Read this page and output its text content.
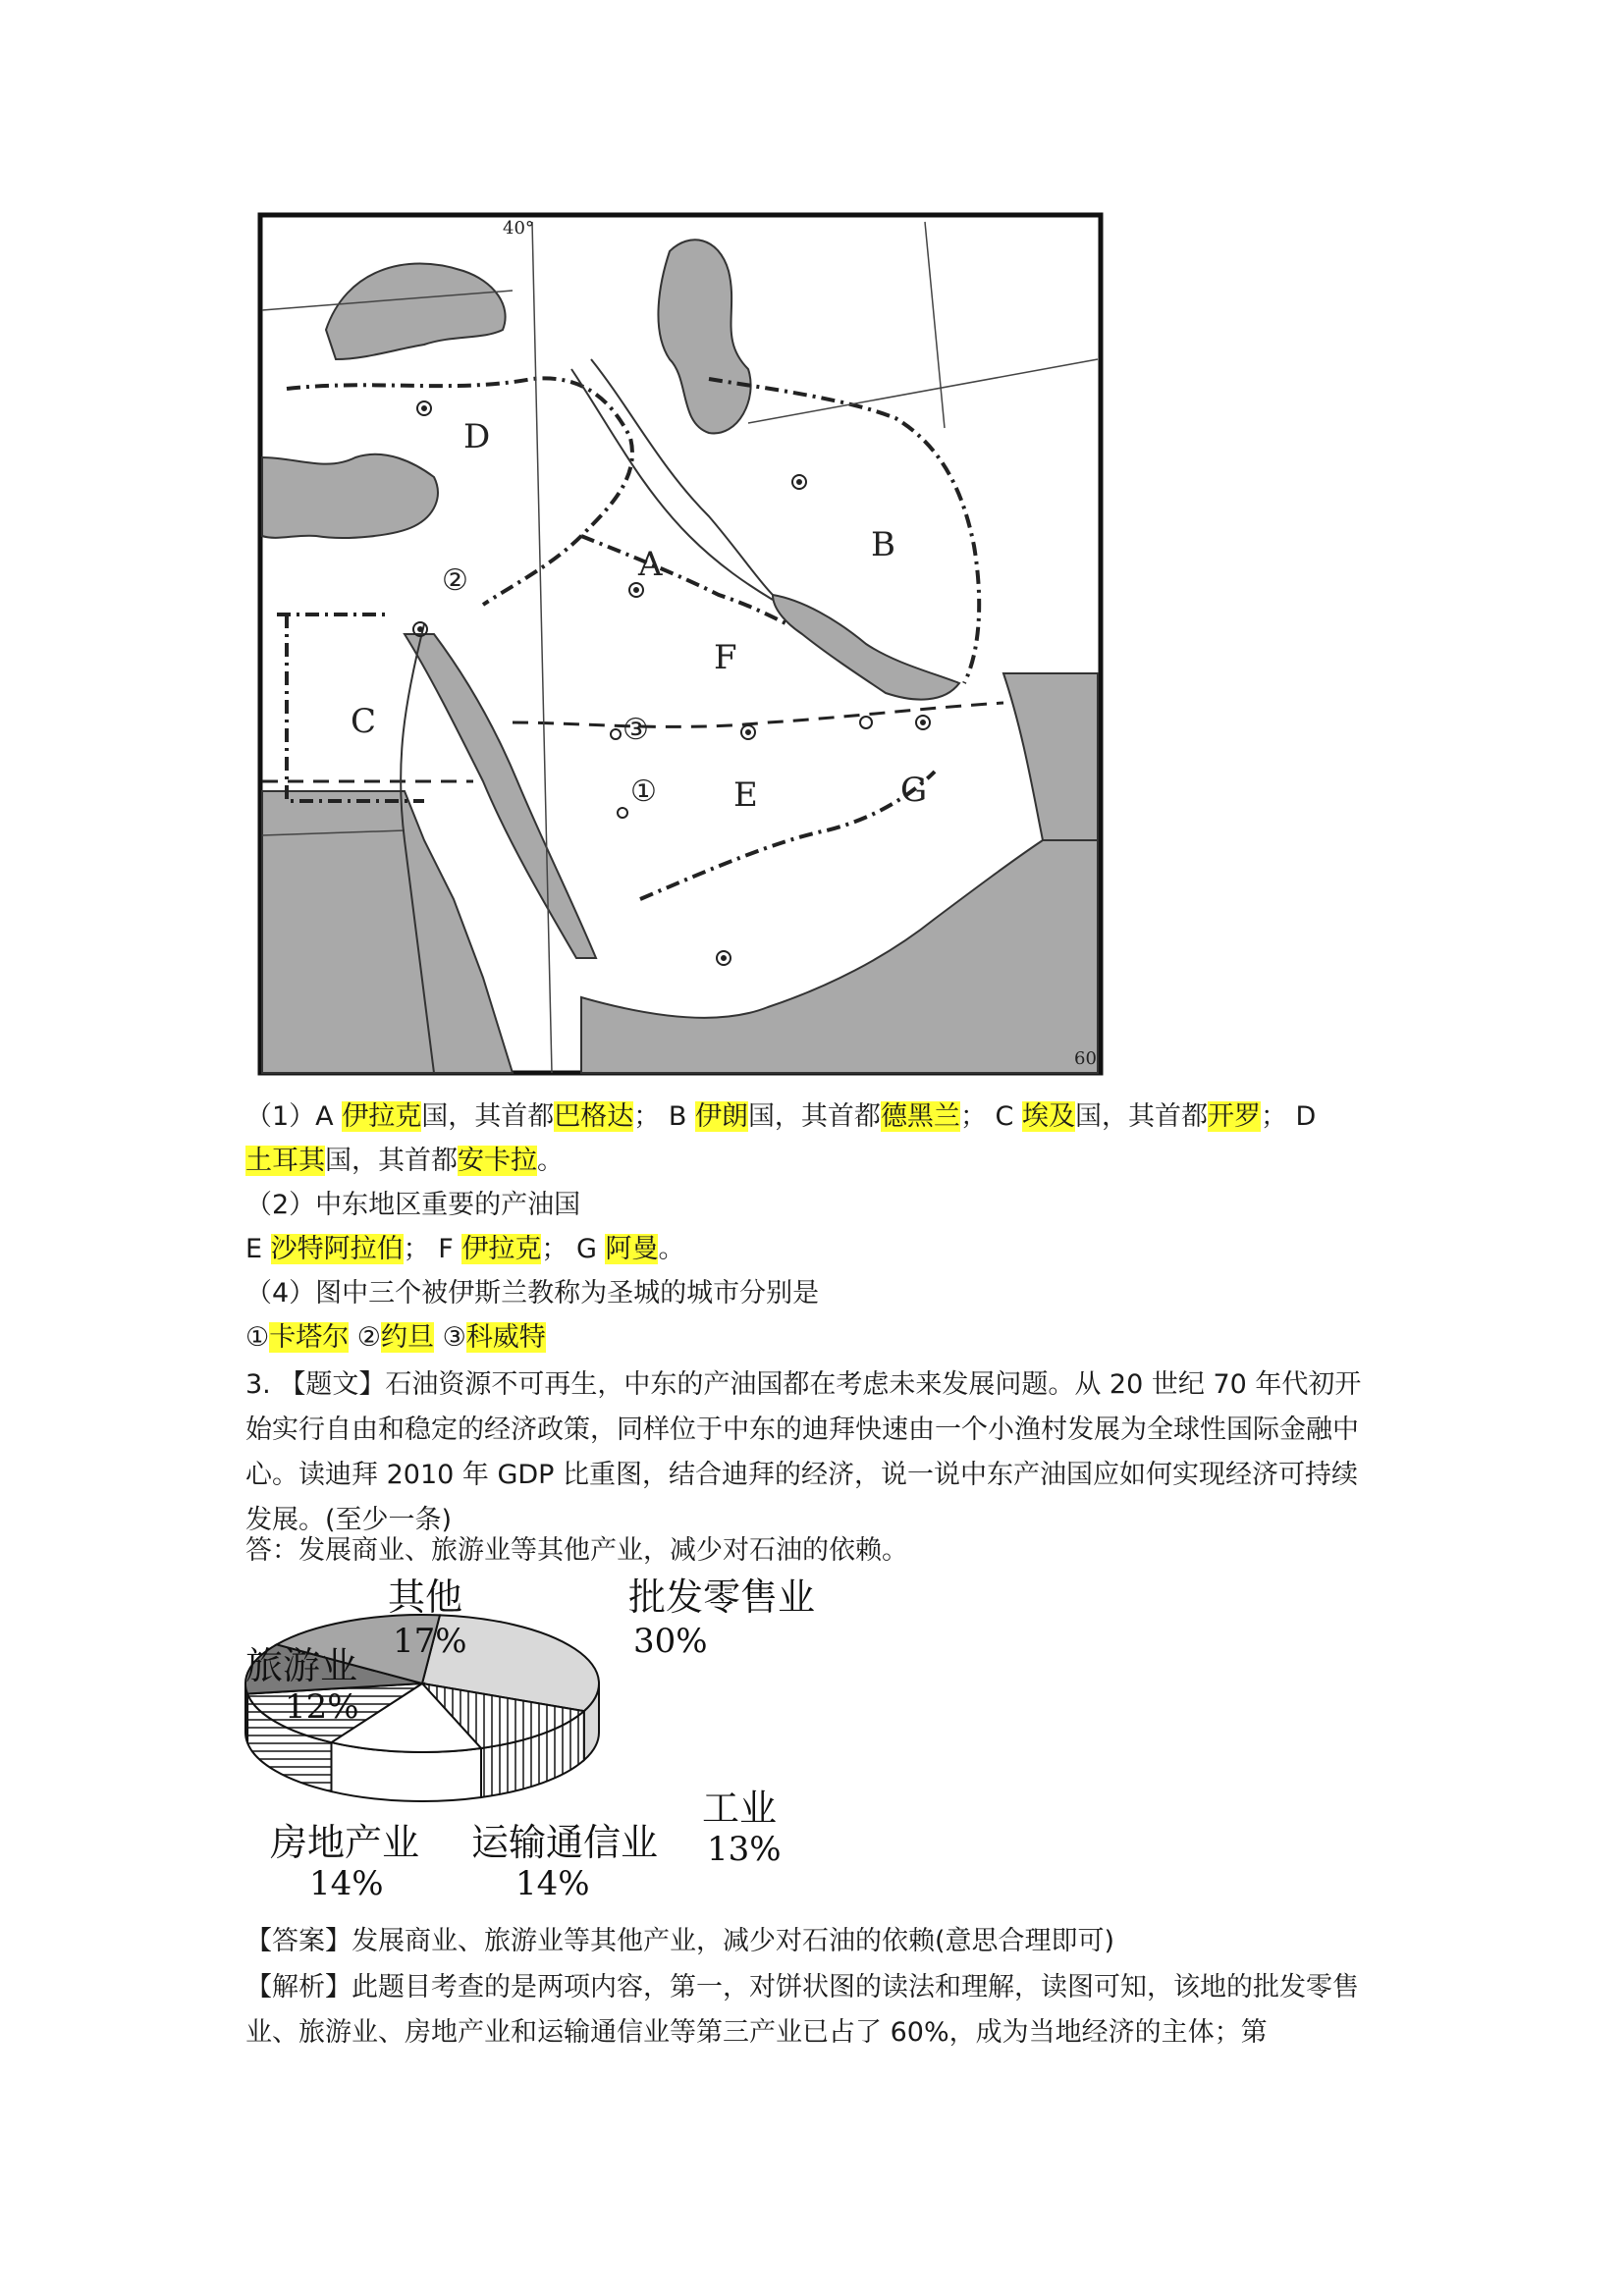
40°
60
A	B
C
D
E
F
G
①
②
③
（1）A 伊拉克国，其首都巴格达； B 伊朗国，其首都德黑兰； C 埃及国，其首都开罗； D
土耳其国，其首都安卡拉。
（2）中东地区重要的产油国
E 沙特阿拉伯； F 伊拉克； G 阿曼。
（4）图中三个被伊斯兰教称为圣城的城市分别是
①卡塔尔 ②约旦 ③科威特

3. 【题文】石油资源不可再生，中东的产油国都在考虑未来发展问题。从 20 世纪 70 年代初开始实行自由和稳定的经济政策，同样位于中东的迪拜快速由一个小渔村发展为全球性国际金融中心。读迪拜 2010 年 GDP 比重图，结合迪拜的经济，说一说中东产油国应如何实现经济可持续发展。(至少一条)

答：发展商业、旅游业等其他产业，减少对石油的依赖。
批发零售业
30%
工业
13%
运输通信业
14%
房地产业
14%
旅游业
12%
其他
17%
【答案】发展商业、旅游业等其他产业，减少对石油的依赖(意思合理即可)

【解析】此题目考查的是两项内容，第一，对饼状图的读法和理解，读图可知，该地的批发零售业、旅游业、房地产业和运输通信业等第三产业已占了 60%，成为当地经济的主体；第
